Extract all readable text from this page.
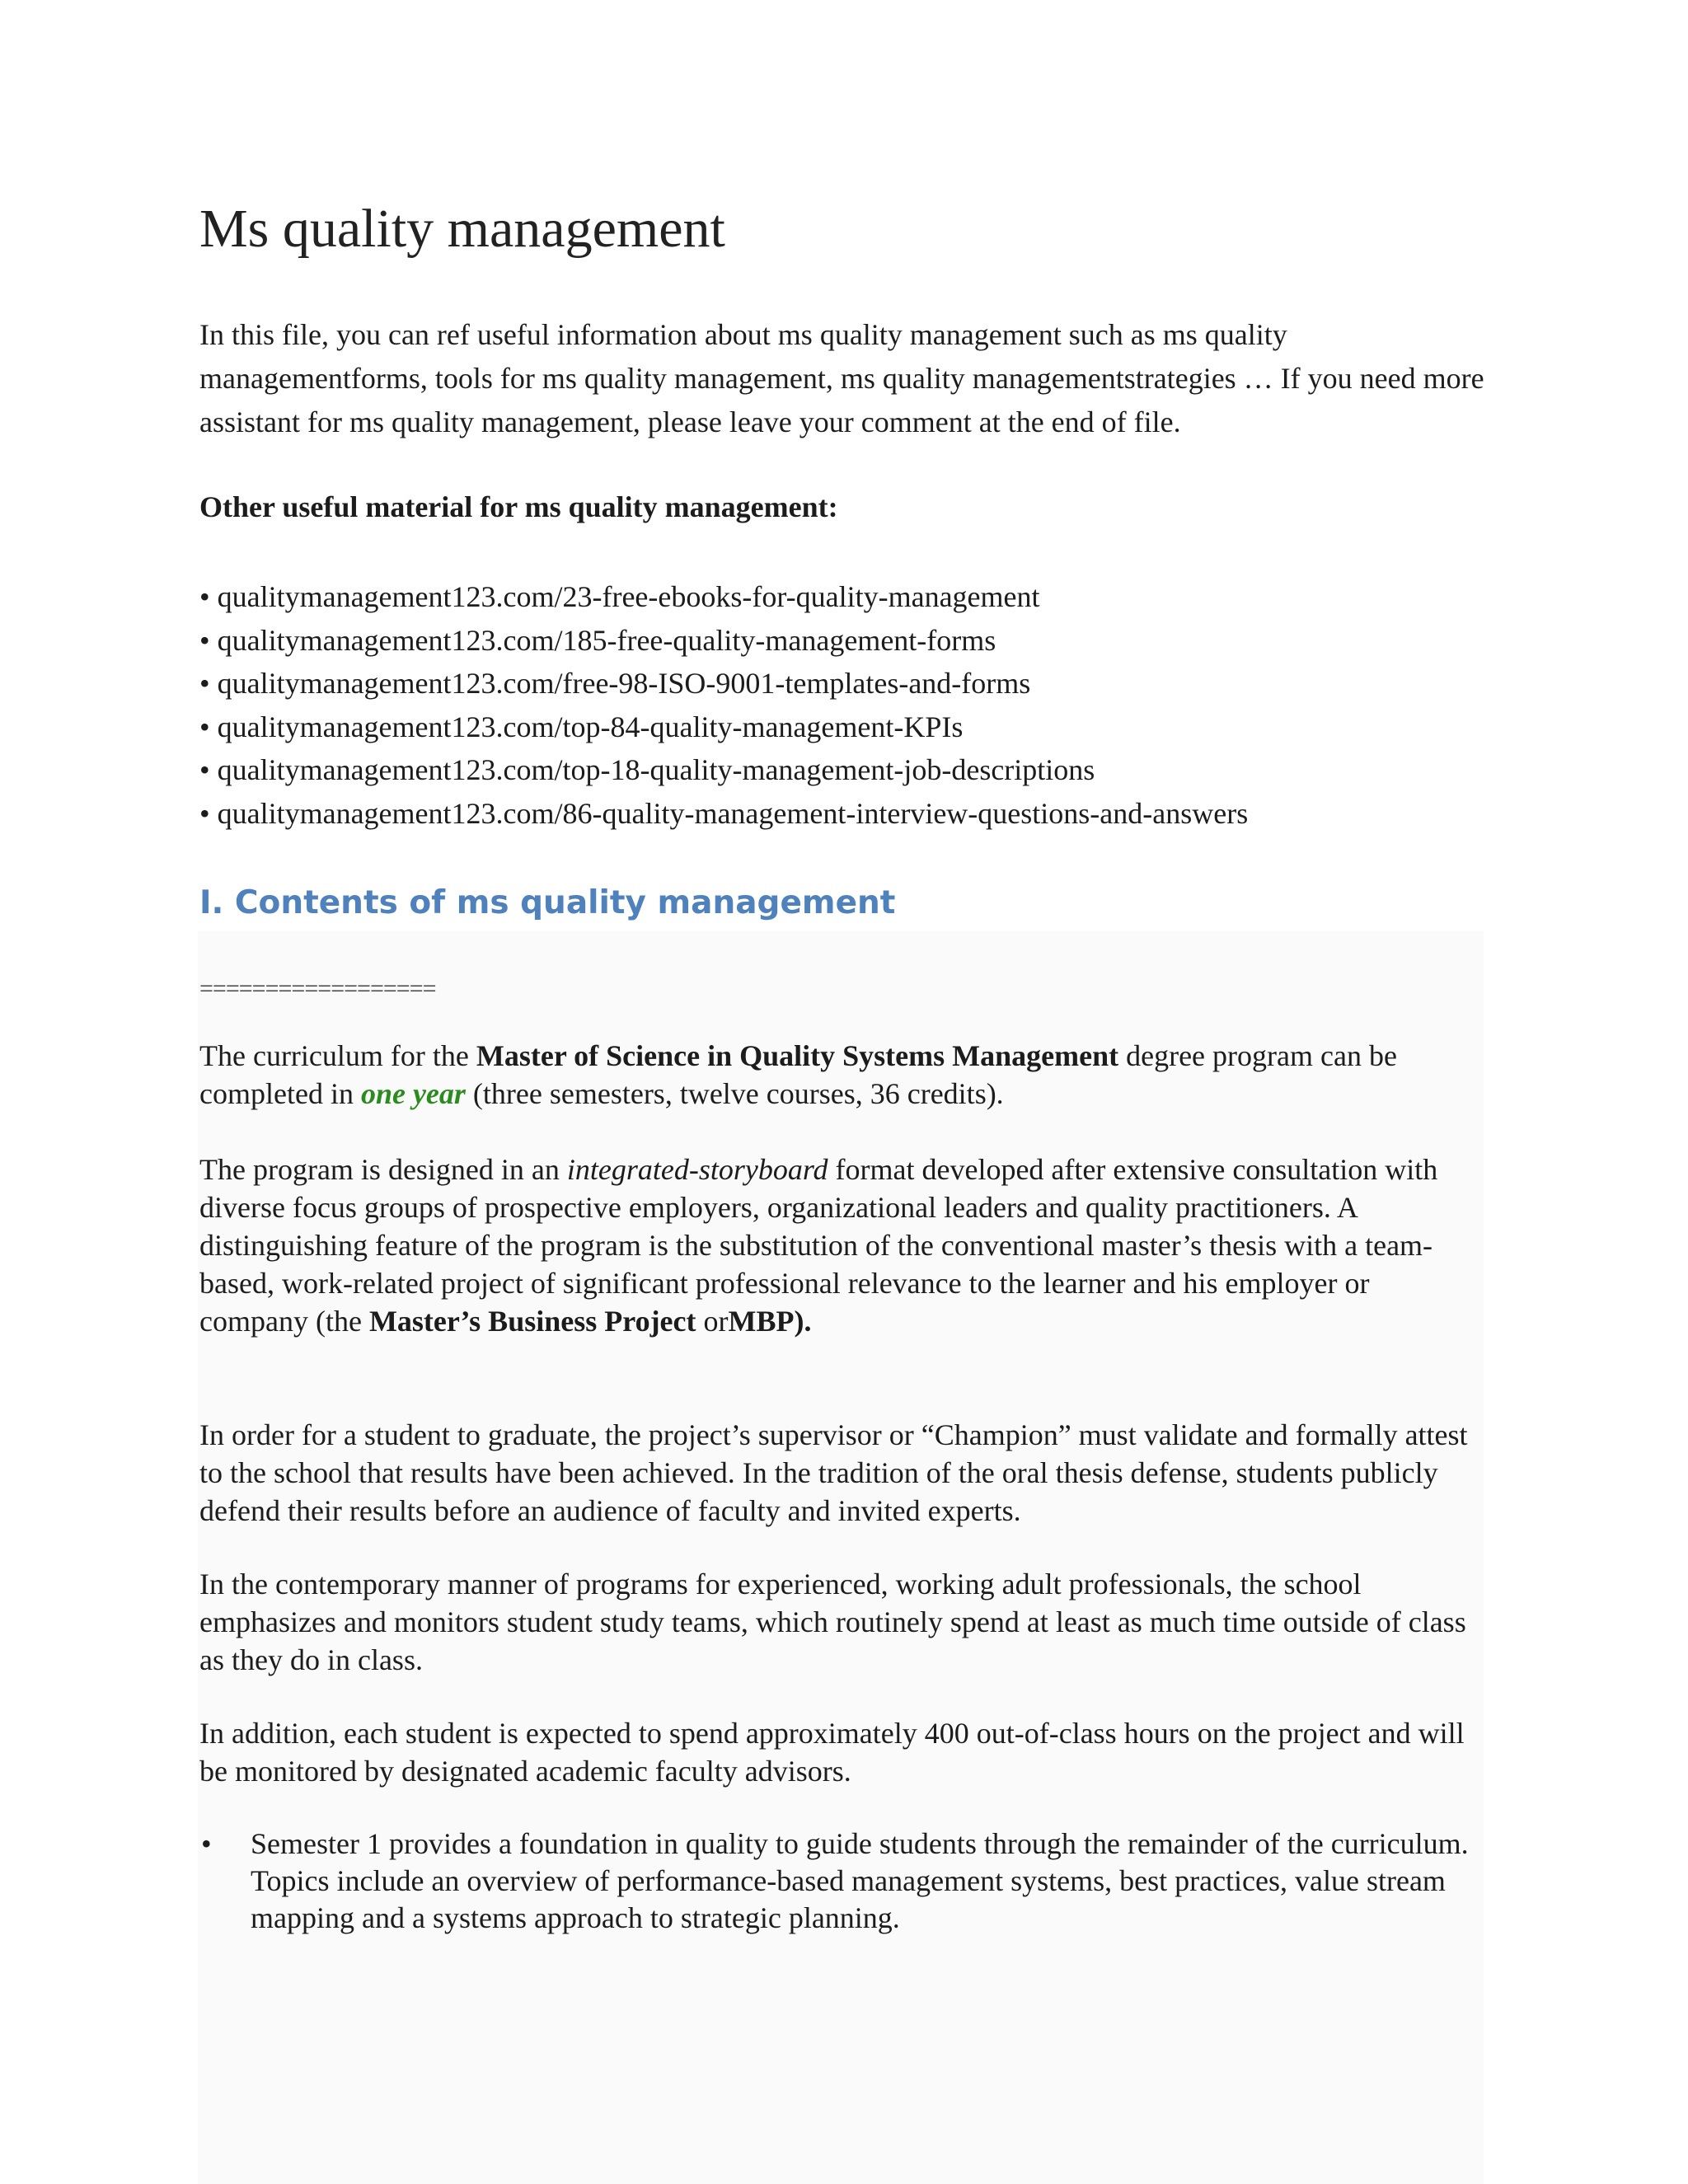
Ms quality management
In this file, you can ref useful information about ms quality management such as ms quality managementforms, tools for ms quality management, ms quality managementstrategies … If you need more assistant for ms quality management, please leave your comment at the end of file.
Other useful material for ms quality management:
• qualitymanagement123.com/23-free-ebooks-for-quality-management
• qualitymanagement123.com/185-free-quality-management-forms
• qualitymanagement123.com/free-98-ISO-9001-templates-and-forms
• qualitymanagement123.com/top-84-quality-management-KPIs
• qualitymanagement123.com/top-18-quality-management-job-descriptions
• qualitymanagement123.com/86-quality-management-interview-questions-and-answers
I. Contents of ms quality management
==================
The curriculum for the Master of Science in Quality Systems Management degree program can be completed in one year (three semesters, twelve courses, 36 credits).
The program is designed in an integrated-storyboard format developed after extensive consultation with diverse focus groups of prospective employers, organizational leaders and quality practitioners. A distinguishing feature of the program is the substitution of the conventional master’s thesis with a team-based, work-related project of significant professional relevance to the learner and his employer or company (the Master’s Business Project orMBP).
In order for a student to graduate, the project’s supervisor or “Champion” must validate and formally attest to the school that results have been achieved. In the tradition of the oral thesis defense, students publicly defend their results before an audience of faculty and invited experts.
In the contemporary manner of programs for experienced, working adult professionals, the school emphasizes and monitors student study teams, which routinely spend at least as much time outside of class as they do in class.
In addition, each student is expected to spend approximately 400 out-of-class hours on the project and will be monitored by designated academic faculty advisors.
• Semester 1 provides a foundation in quality to guide students through the remainder of the curriculum. Topics include an overview of performance-based management systems, best practices, value stream mapping and a systems approach to strategic planning.
